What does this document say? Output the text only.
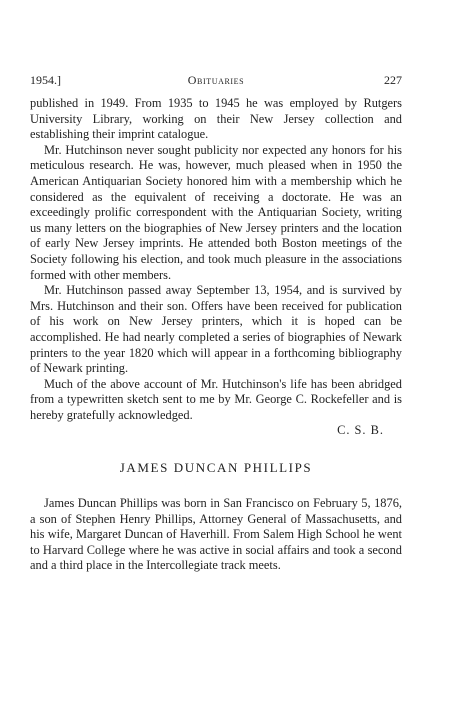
1954.]	Obituaries	227

published in 1949. From 1935 to 1945 he was employed by Rutgers University Library, working on their New Jersey collection and establishing their imprint catalogue.

Mr. Hutchinson never sought publicity nor expected any honors for his meticulous research. He was, however, much pleased when in 1950 the American Antiquarian Society honored him with a membership which he considered as the equivalent of receiving a doctorate. He was an exceedingly prolific correspondent with the Antiquarian Society, writing us many letters on the biographies of New Jersey printers and the location of early New Jersey imprints. He attended both Boston meetings of the Society following his election, and took much pleasure in the associations formed with other members.

Mr. Hutchinson passed away September 13, 1954, and is survived by Mrs. Hutchinson and their son. Offers have been received for publication of his work on New Jersey printers, which it is hoped can be accomplished. He had nearly completed a series of biographies of Newark printers to the year 1820 which will appear in a forthcoming bibliography of Newark printing.

Much of the above account of Mr. Hutchinson's life has been abridged from a typewritten sketch sent to me by Mr. George C. Rockefeller and is hereby gratefully acknowledged.

C. S. B.

JAMES DUNCAN PHILLIPS

James Duncan Phillips was born in San Francisco on February 5, 1876, a son of Stephen Henry Phillips, Attorney General of Massachusetts, and his wife, Margaret Duncan of Haverhill. From Salem High School he went to Harvard College where he was active in social affairs and took a second and a third place in the Intercollegiate track meets.
